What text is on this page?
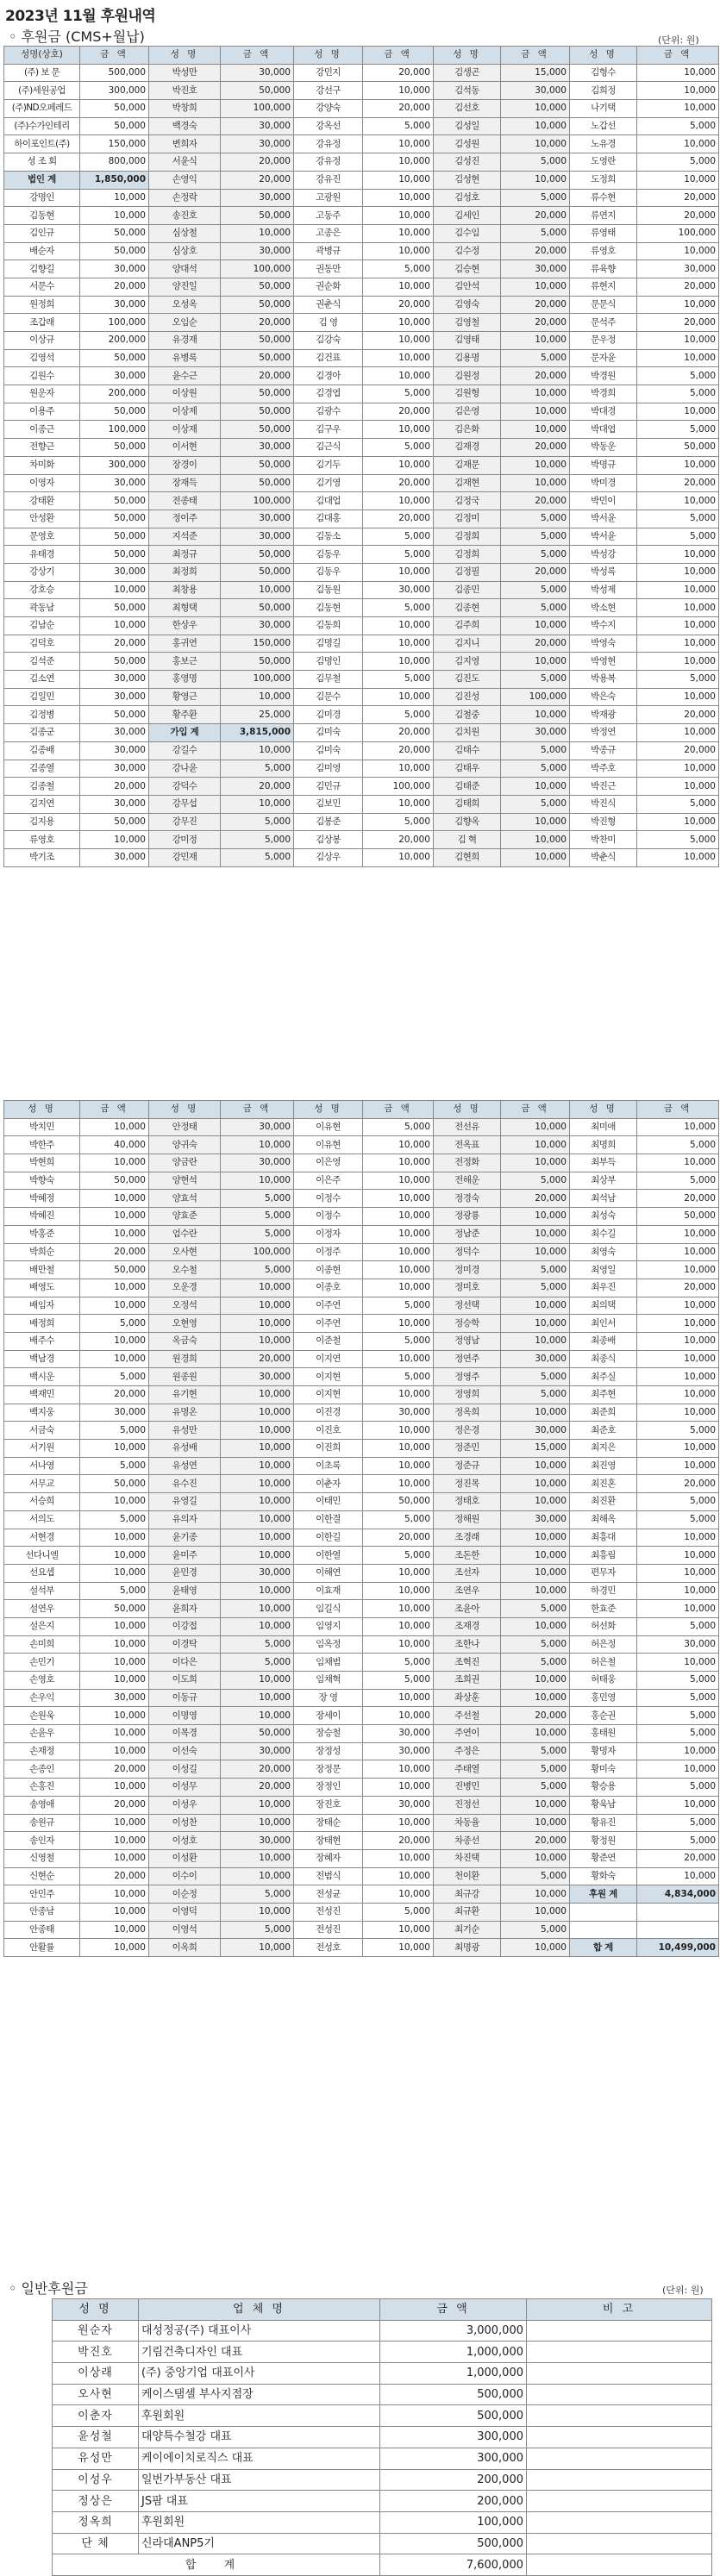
2023년 11월 후원내역
◦ 후원금 (CMS+월납)	(단위: 원)
성명(상호)	금 액	성 명	금 액	성 명	금 액	성 명	금 액	성 명	금 액
(주) 보 문	500,000	박성만	30,000	강민지	20,000	김생곤	15,000	김형수	10,000
(주)세원공업	300,000	박진호	50,000	강선구	10,000	김석동	30,000	김희정	10,000
(주)ND오페레드	50,000	박창희	100,000	강양숙	20,000	김선호	10,000	나기택	10,000
(주)수가인테리	50,000	백경숙	30,000	강옥선	5,000	김성일	10,000	노갑선	5,000
하이포인트(주)	150,000	변희자	30,000	강유정	10,000	김성원	10,000	노유경	10,000
성 조 회	800,000	서윤식	20,000	강유정	10,000	김성진	5,000	도영란	5,000
법인 계	1,850,000	손영익	20,000	강유진	10,000	김성현	10,000	도정희	10,000
강명인	10,000	손정락	30,000	고광원	10,000	김성호	5,000	류수현	20,000
김동현	10,000	송진호	50,000	고동주	10,000	김세인	20,000	류연지	20,000
김인규	50,000	심상철	10,000	고종은	10,000	김수임	5,000	류영태	100,000
배순자	50,000	심상호	30,000	곽병규	10,000	김수정	20,000	류영호	10,000
김향길	30,000	양대석	100,000	권동만	5,000	김승현	30,000	류육향	30,000
서문수	20,000	양진일	50,000	권순화	10,000	김안석	10,000	류현지	20,000
원정희	30,000	오성옥	50,000	권춘식	20,000	김영숙	20,000	문문식	10,000
조갑래	100,000	오임순	20,000	김 영	10,000	김영철	20,000	문석주	20,000
이상규	200,000	유경재	50,000	김강숙	10,000	김영태	10,000	문우정	10,000
김영석	50,000	유병록	50,000	김건표	10,000	김용명	5,000	문자윤	10,000
김원수	30,000	윤수근	20,000	김경아	10,000	김원정	20,000	박경원	5,000
원운자	200,000	이상원	50,000	김경엽	5,000	김원형	10,000	박경희	5,000
이용주	50,000	이상제	50,000	김광수	20,000	김은영	10,000	박대경	10,000
이종근	100,000	이상재	50,000	김구우	10,000	김은화	10,000	박대엽	5,000
전향근	50,000	이서현	30,000	김근식	5,000	김재경	20,000	박동운	50,000
차미화	300,000	장경이	50,000	김기두	10,000	김재문	10,000	박명규	10,000
이영자	30,000	장재득	50,000	김기영	20,000	김재현	10,000	박미경	20,000
강태환	50,000	전종태	100,000	김대업	10,000	김정국	20,000	박민이	10,000
안성환	50,000	정이주	30,000	김대홍	20,000	김정미	5,000	박서윤	5,000
문영호	50,000	지석준	30,000	김동소	5,000	김정희	5,000	박서윤	5,000
유태경	50,000	최정규	50,000	김동우	5,000	김정희	5,000	박성강	10,000
강상기	30,000	최정희	50,000	김동우	10,000	김정필	20,000	박성록	10,000
강호승	10,000	최창용	10,000	김동원	30,000	김종민	5,000	박성제	10,000
곽동남	50,000	최형택	50,000	김동현	5,000	김종현	5,000	박소현	10,000
김남순	10,000	한상우	30,000	김동희	10,000	김주희	10,000	박수지	10,000
김덕호	20,000	홍귀연	150,000	김명길	10,000	김지니	20,000	박영숙	10,000
김석준	50,000	홍보근	50,000	김명인	10,000	김지영	10,000	박영현	10,000
김소연	30,000	홍영명	100,000	김무철	5,000	김진도	5,000	박용복	5,000
김일민	30,000	황영근	10,000	김문수	10,000	김진성	100,000	박은숙	10,000
김정병	50,000	황주환	25,000	김미경	5,000	김철중	10,000	박재광	20,000
김종군	30,000	가입 계	3,815,000	김미숙	20,000	김치원	30,000	박정연	10,000
김종배	30,000	강길수	10,000	김미숙	20,000	김태수	5,000	박종규	20,000
김종열	30,000	강나윤	5,000	김미영	10,000	김태우	5,000	박주호	10,000
김종철	20,000	강덕수	20,000	김민규	100,000	김태준	10,000	박진근	10,000
김지연	30,000	강무섭	10,000	김보민	10,000	김태희	5,000	박진식	5,000
김지용	50,000	강무진	5,000	김봉준	5,000	김향옥	10,000	박진형	10,000
류영호	10,000	강미정	5,000	김상봉	20,000	김 혁	10,000	박찬미	5,000
박기조	30,000	강민재	5,000	김상우	10,000	김현희	10,000	박춘식	10,000
성 명	금 액	성 명	금 액	성 명	금 액	성 명	금 액	성 명	금 액
박치민	10,000	안정태	30,000	이유현	5,000	전선유	10,000	최미애	10,000
박한주	40,000	양귀숙	10,000	이유현	10,000	전옥표	10,000	최명희	5,000
박현희	10,000	양금란	30,000	이은영	10,000	전정화	10,000	최부득	10,000
박향숙	50,000	양현석	10,000	이은주	10,000	전해운	5,000	최상부	5,000
박혜정	10,000	양효석	5,000	이정수	10,000	정경숙	20,000	최석남	20,000
박혜진	10,000	양효준	5,000	이정수	10,000	정광룡	10,000	최성숙	50,000
박홍준	10,000	엄수란	5,000	이정자	10,000	정남준	10,000	최수길	10,000
박희순	20,000	오사현	100,000	이정주	10,000	정덕수	10,000	최영숙	10,000
배만철	50,000	오수철	5,000	이종현	10,000	정미경	5,000	최영일	10,000
배영도	10,000	오운경	10,000	이종호	10,000	정미호	5,000	최우진	20,000
배임자	10,000	오정석	10,000	이주연	5,000	정선택	10,000	최의택	10,000
배정희	5,000	오현영	10,000	이주연	10,000	정승학	10,000	최인서	10,000
배주수	10,000	옥금숙	10,000	이준철	5,000	정영남	10,000	최종배	10,000
백남경	10,000	원경희	20,000	이지연	10,000	정연주	30,000	최종식	10,000
백시운	5,000	원종원	30,000	이지현	5,000	정영주	5,000	최주실	10,000
백재민	20,000	유기현	10,000	이지현	10,000	정영희	5,000	최주현	10,000
백지웅	30,000	유명온	10,000	이진경	30,000	정옥희	10,000	최준희	10,000
서금숙	5,000	유성만	10,000	이진호	10,000	정은경	30,000	최준호	5,000
서기원	10,000	유성배	10,000	이진희	10,000	정준민	15,000	최지은	10,000
서나영	5,000	유성연	10,000	이초록	10,000	정준규	10,000	최진영	10,000
서무교	50,000	유수진	10,000	이춘자	10,000	정진목	10,000	최진혼	20,000
서승희	10,000	유영길	10,000	이태민	50,000	정태호	10,000	최진환	5,000
서의도	5,000	유의자	10,000	이한결	5,000	정해원	30,000	최해옥	5,000
서현경	10,000	윤기종	10,000	이한길	20,000	조경래	10,000	최흥대	10,000
선다니엘	10,000	윤미주	10,000	이한열	5,000	조돈한	10,000	최흥림	10,000
선요셉	10,000	윤민경	30,000	이해연	10,000	조선자	10,000	편무자	10,000
설석부	5,000	윤태영	10,000	이효재	10,000	조연우	10,000	하경민	10,000
설연우	50,000	윤희자	10,000	임길식	10,000	조윤아	5,000	한효준	10,000
설은지	10,000	이강접	10,000	임영지	10,000	조재경	10,000	허선화	5,000
손미희	10,000	이경탁	5,000	임옥정	10,000	조한나	5,000	허은정	30,000
손민기	10,000	이다은	5,000	임채범	5,000	조혁진	5,000	허은철	10,000
손영호	10,000	이도희	10,000	임채혁	5,000	조희권	10,000	허태웅	5,000
손우익	30,000	이동규	10,000	장 영	10,000	좌상훈	10,000	홍민영	5,000
손원욱	10,000	이명영	10,000	장세이	10,000	주선철	20,000	홍순권	5,000
손윤우	10,000	이목경	50,000	장승철	30,000	주연이	10,000	홍태원	5,000
손재정	10,000	이선숙	30,000	장정성	30,000	주정은	5,000	황명자	10,000
손종인	20,000	이성길	20,000	장정문	10,000	주태열	5,000	황미숙	10,000
손홍진	10,000	이성무	20,000	장정인	10,000	진병민	5,000	황승용	5,000
송영애	20,000	이성우	10,000	장진호	30,000	진정선	10,000	황욱남	10,000
송원규	10,000	이성찬	10,000	장태순	10,000	차동율	10,000	황유진	5,000
송인자	10,000	이성호	30,000	장태현	20,000	차종선	20,000	황정원	5,000
신영철	10,000	이성환	10,000	장혜자	10,000	차진택	10,000	황준연	20,000
신현순	20,000	이수이	10,000	전범식	10,000	천이환	5,000	황화숙	10,000
안민주	10,000	이순정	5,000	전성균	10,000	최규강	10,000	후원 계	4,834,000
안종남	10,000	이영덕	10,000	전성진	5,000	최규환	10,000		
안종태	10,000	이영석	5,000	전성진	10,000	최기순	5,000		
안활률	10,000	이옥희	10,000	전성호	10,000	최명광	10,000	합 계	10,499,000
◦ 일반후원금	(단위: 원)
성 명	업 체 명	금 액	비 고
원순자	대성정공(주) 대표이사	3,000,000	
박진호	기림건축디자인 대표	1,000,000	
이상래	(주) 중앙기업 대표이사	1,000,000	
오사현	케이스탬셀 부사지점장	500,000	
이춘자	후원회원	500,000	
윤성철	대양특수철강 대표	300,000	
유성만	케이에이치로직스 대표	300,000	
이성우	일번가부동산 대표	200,000	
정상은	JS팜 대표	200,000	
정옥희	후원회원	100,000	
단 체	신라대ANP5기	500,000	
합 계		7,600,000	
